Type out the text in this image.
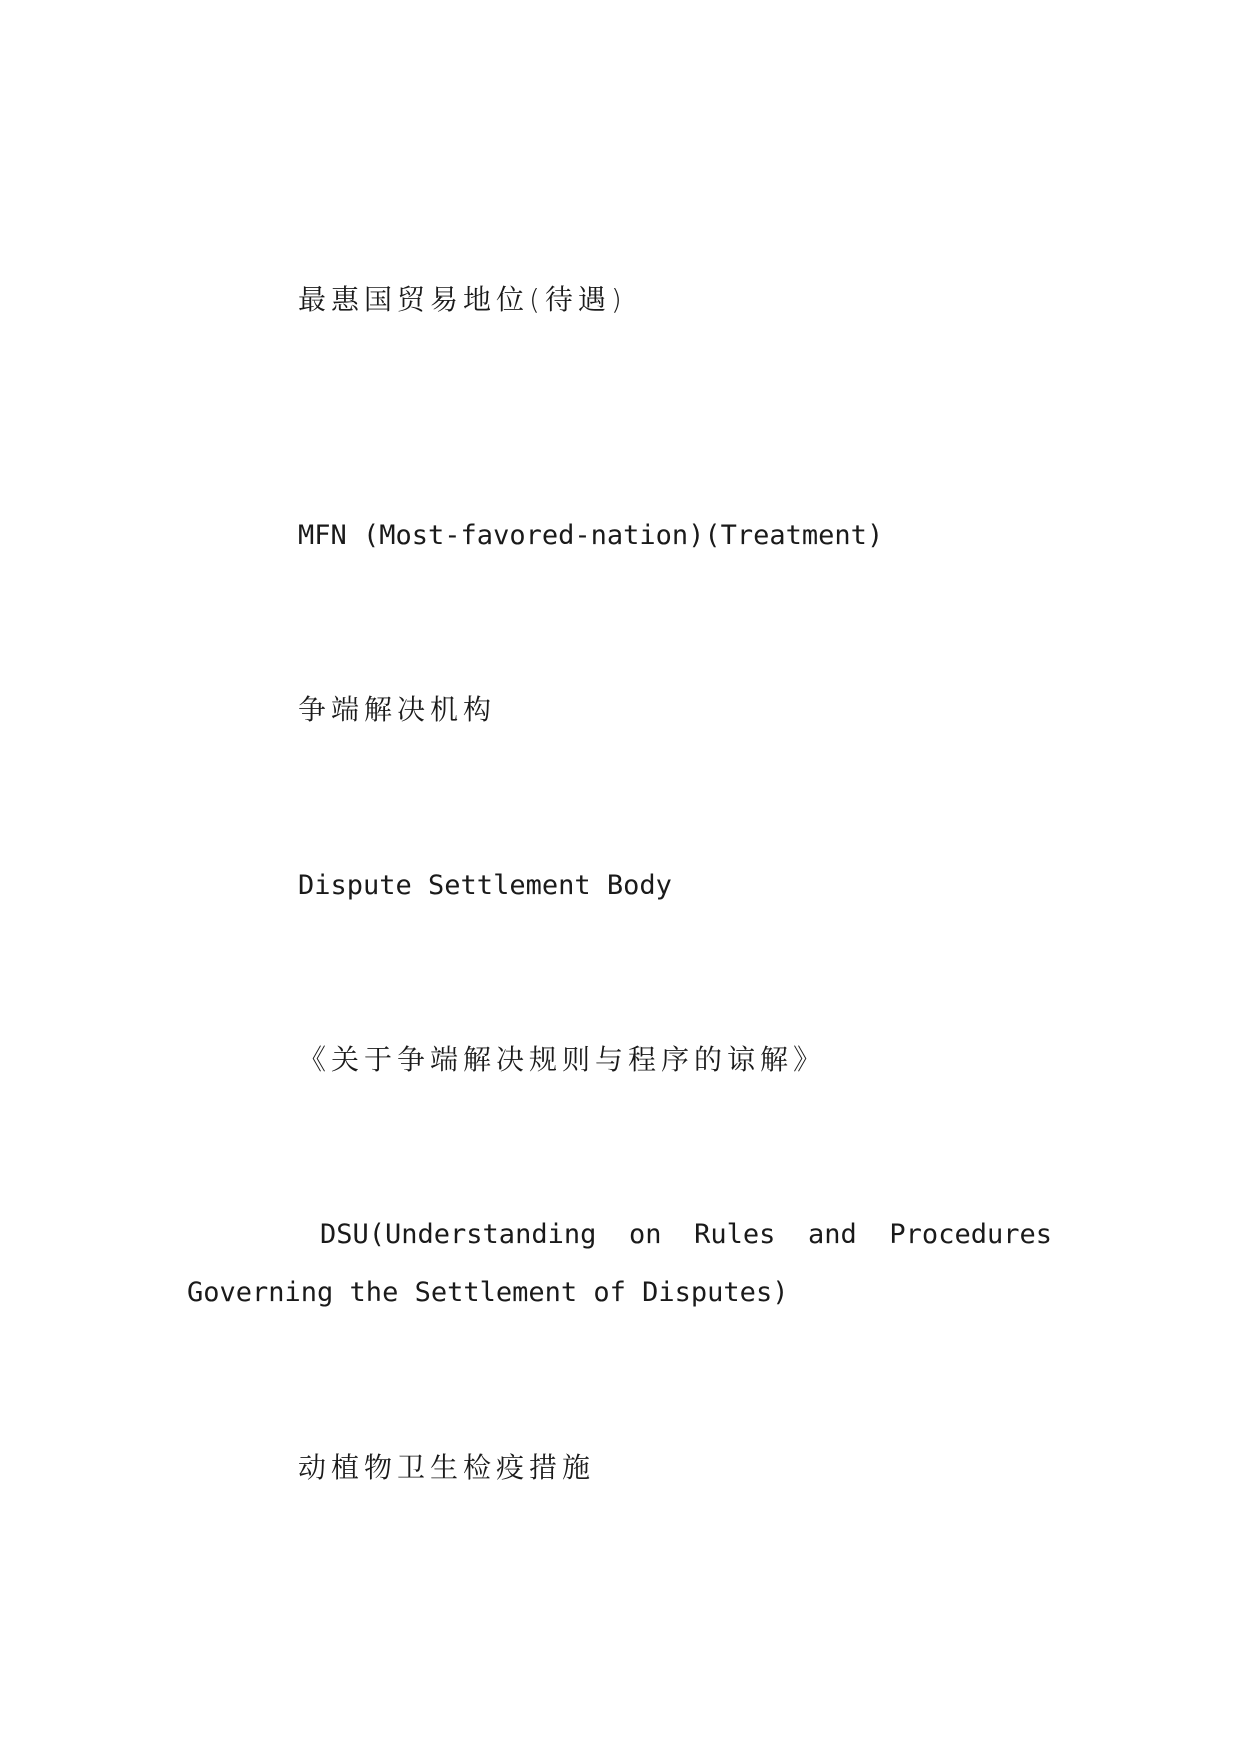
最惠国贸易地位(待遇)

MFN (Most-favored-nation)(Treatment)

争端解决机构

Dispute Settlement Body

《关于争端解决规则与程序的谅解》

DSU(Understanding on Rules and Procedures

Governing the Settlement of Disputes)

动植物卫生检疫措施
